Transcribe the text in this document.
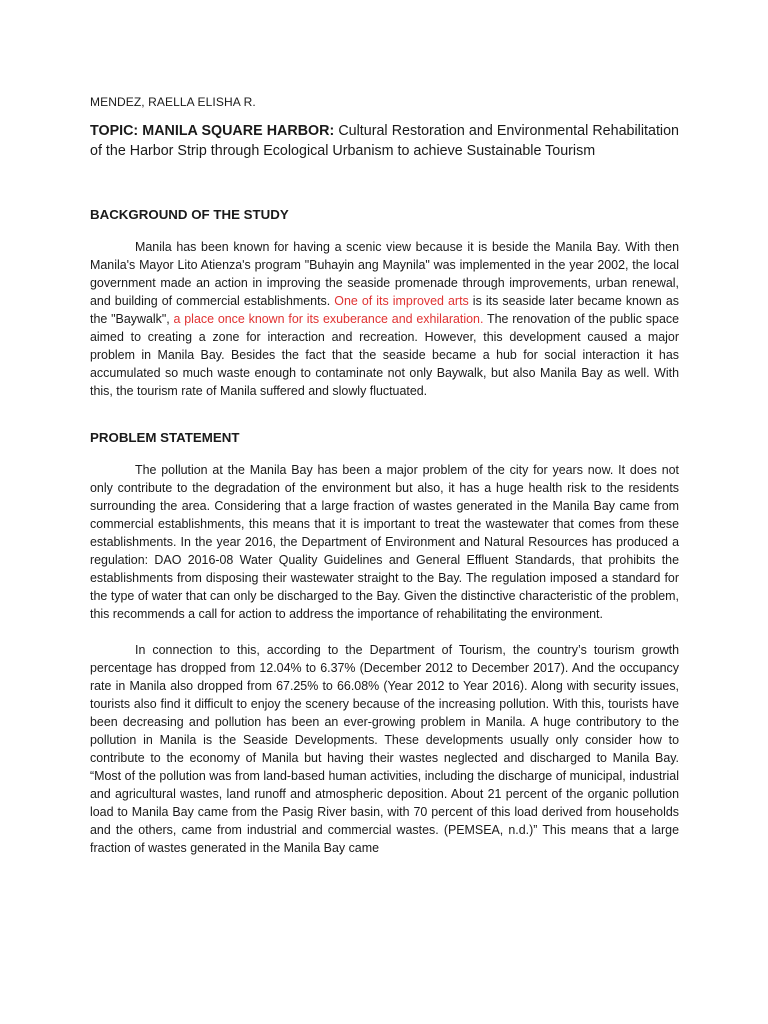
MENDEZ, RAELLA ELISHA R.
TOPIC: MANILA SQUARE HARBOR: Cultural Restoration and Environmental Rehabilitation of the Harbor Strip through Ecological Urbanism to achieve Sustainable Tourism
BACKGROUND OF THE STUDY

Manila has been known for having a scenic view because it is beside the Manila Bay. With then Manila's Mayor Lito Atienza's program "Buhayin ang Maynila" was implemented in the year 2002, the local government made an action in improving the seaside promenade through improvements, urban renewal, and building of commercial establishments. One of its improved arts is its seaside later became known as the "Baywalk", a place once known for its exuberance and exhilaration. The renovation of the public space aimed to creating a zone for interaction and recreation. However, this development caused a major problem in Manila Bay. Besides the fact that the seaside became a hub for social interaction it has accumulated so much waste enough to contaminate not only Baywalk, but also Manila Bay as well. With this, the tourism rate of Manila suffered and slowly fluctuated.

PROBLEM STATEMENT

The pollution at the Manila Bay has been a major problem of the city for years now. It does not only contribute to the degradation of the environment but also, it has a huge health risk to the residents surrounding the area. Considering that a large fraction of wastes generated in the Manila Bay came from commercial establishments, this means that it is important to treat the wastewater that comes from these establishments. In the year 2016, the Department of Environment and Natural Resources has produced a regulation: DAO 2016-08 Water Quality Guidelines and General Effluent Standards, that prohibits the establishments from disposing their wastewater straight to the Bay. The regulation imposed a standard for the type of water that can only be discharged to the Bay. Given the distinctive characteristic of the problem, this recommends a call for action to address the importance of rehabilitating the environment.

In connection to this, according to the Department of Tourism, the country’s tourism growth percentage has dropped from 12.04% to 6.37% (December 2012 to December 2017). And the occupancy rate in Manila also dropped from 67.25% to 66.08% (Year 2012 to Year 2016). Along with security issues, tourists also find it difficult to enjoy the scenery because of the increasing pollution. With this, tourists have been decreasing and pollution has been an ever-growing problem in Manila. A huge contributory to the pollution in Manila is the Seaside Developments. These developments usually only consider how to contribute to the economy of Manila but having their wastes neglected and discharged to Manila Bay. “Most of the pollution was from land-based human activities, including the discharge of municipal, industrial and agricultural wastes, land runoff and atmospheric deposition. About 21 percent of the organic pollution load to Manila Bay came from the Pasig River basin, with 70 percent of this load derived from households and the others, came from industrial and commercial wastes. (PEMSEA, n.d.)” This means that a large fraction of wastes generated in the Manila Bay came
